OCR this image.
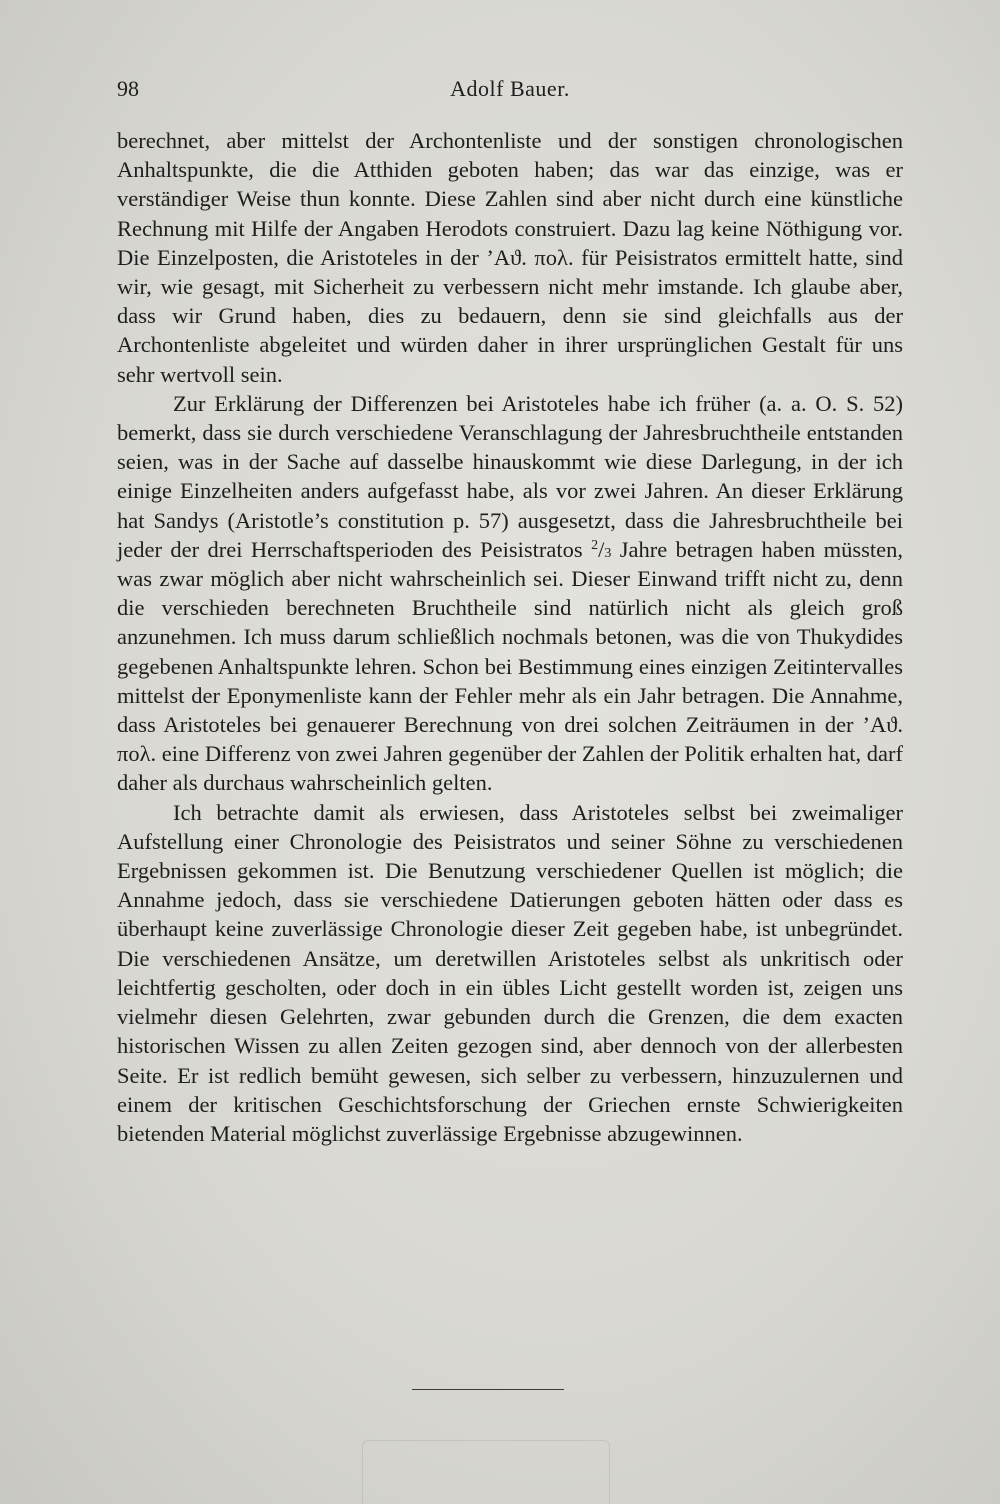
98	Adolf Bauer.

berechnet, aber mittelst der Archontenliste und der sonstigen chronologischen Anhaltspunkte, die die Atthiden geboten haben; das war das einzige, was er verständiger Weise thun konnte. Diese Zahlen sind aber nicht durch eine künstliche Rechnung mit Hilfe der Angaben Herodots construiert. Dazu lag keine Nöthigung vor. Die Einzelposten, die Aristoteles in der ’Aϑ. πολ. für Peisistratos ermittelt hatte, sind wir, wie gesagt, mit Sicherheit zu verbessern nicht mehr imstande. Ich glaube aber, dass wir Grund haben, dies zu bedauern, denn sie sind gleichfalls aus der Archontenliste abgeleitet und würden daher in ihrer ursprünglichen Gestalt für uns sehr wertvoll sein.

Zur Erklärung der Differenzen bei Aristoteles habe ich früher (a. a. O. S. 52) bemerkt, dass sie durch verschiedene Veranschlagung der Jahresbruchtheile entstanden seien, was in der Sache auf dasselbe hinauskommt wie diese Darlegung, in der ich einige Einzelheiten anders aufgefasst habe, als vor zwei Jahren. An dieser Erklärung hat Sandys (Aristotle’s constitution p. 57) ausgesetzt, dass die Jahresbruchtheile bei jeder der drei Herrschaftsperioden des Peisistratos $^2$/3 Jahre betragen haben müssten, was zwar möglich aber nicht wahrscheinlich sei. Dieser Einwand trifft nicht zu, denn die verschieden berechneten Bruchtheile sind natürlich nicht als gleich groß anzunehmen. Ich muss darum schließlich nochmals betonen, was die von Thukydides gegebenen Anhaltspunkte lehren. Schon bei Bestimmung eines einzigen Zeitintervalles mittelst der Eponymenliste kann der Fehler mehr als ein Jahr betragen. Die Annahme, dass Aristoteles bei genauerer Berechnung von drei solchen Zeiträumen in der ’Aϑ. πολ. eine Differenz von zwei Jahren gegenüber der Zahlen der Politik erhalten hat, darf daher als durchaus wahrscheinlich gelten.

Ich betrachte damit als erwiesen, dass Aristoteles selbst bei zweimaliger Aufstellung einer Chronologie des Peisistratos und seiner Söhne zu verschiedenen Ergebnissen gekommen ist. Die Benutzung verschiedener Quellen ist möglich; die Annahme jedoch, dass sie verschiedene Datierungen geboten hätten oder dass es überhaupt keine zuverlässige Chronologie dieser Zeit gegeben habe, ist unbegründet. Die verschiedenen Ansätze, um deretwillen Aristoteles selbst als unkritisch oder leichtfertig gescholten, oder doch in ein übles Licht gestellt worden ist, zeigen uns vielmehr diesen Gelehrten, zwar gebunden durch die Grenzen, die dem exacten historischen Wissen zu allen Zeiten gezogen sind, aber dennoch von der allerbesten Seite. Er ist redlich bemüht gewesen, sich selber zu verbessern, hinzuzulernen und einem der kritischen Geschichtsforschung der Griechen ernste Schwierigkeiten bietenden Material möglichst zuverlässige Ergebnisse abzugewinnen.
